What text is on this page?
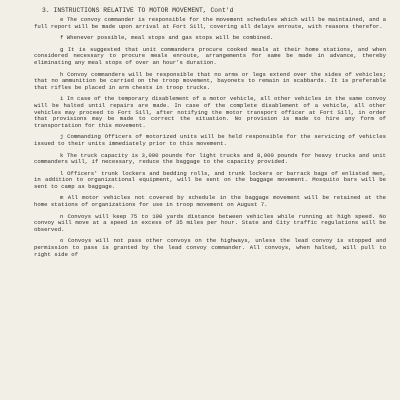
3. INSTRUCTIONS RELATIVE TO MOTOR MOVEMENT, Cont'd

e The convoy commander is responsible for the movement schedules which will be maintained, and a full report will be made upon arrival at Fort Sill, covering all delays enroute, with reasons therefor.

f Whenever possible, meal stops and gas stops will be combined.

g It is suggested that unit commanders procure cooked meals at their home stations, and when considered necessary to procure meals enroute, arrangements for same be made in advance, thereby eliminating any meal stops of over an hour's duration.

h Convoy commanders will be responsible that no arms or legs extend over the sides of vehicles; that no ammunition be carried on the troop movement, bayonets to remain in scabbards. It is preferable that rifles be placed in arm chests in troop trucks.

i In case of the temporary disablement of a motor vehicle, all other vehicles in the same convoy will be halted until repairs are made. In case of the complete disablement of a vehicle, all other vehicles may proceed to Fort Sill, after notifying the motor transport officer at Fort Sill, in order that provisions may be made to correct the situation. No provision is made to hire any form of transportation for this movement.

j Commanding Officers of motorized units will be held responsible for the servicing of vehicles issued to their units immediately prior to this movement.

k The truck capacity is 3,000 pounds for light trucks and 8,000 pounds for heavy trucks and unit commanders will, if necessary, reduce the baggage to the capacity provided.

l Officers' trunk lockers and bedding rolls, and trunk lockers or barrack bags of enlisted men, in addition to organizational equipment, will be sent on the baggage movement. Mosquito bars will be sent to camp as baggage.

m All motor vehicles not covered by schedule in the baggage movement will be retained at the home stations of organizations for use in troop movement on August 7.

n Convoys will keep 75 to 100 yards distance between vehicles while running at high speed. No convoy will move at a speed in excess of 35 miles per hour. State and City traffic regulations will be observed.

o Convoys will not pass other convoys on the highways, unless the lead convoy is stopped and permission to pass is granted by the lead convoy commander. All convoys, when halted, will pull to right side of
